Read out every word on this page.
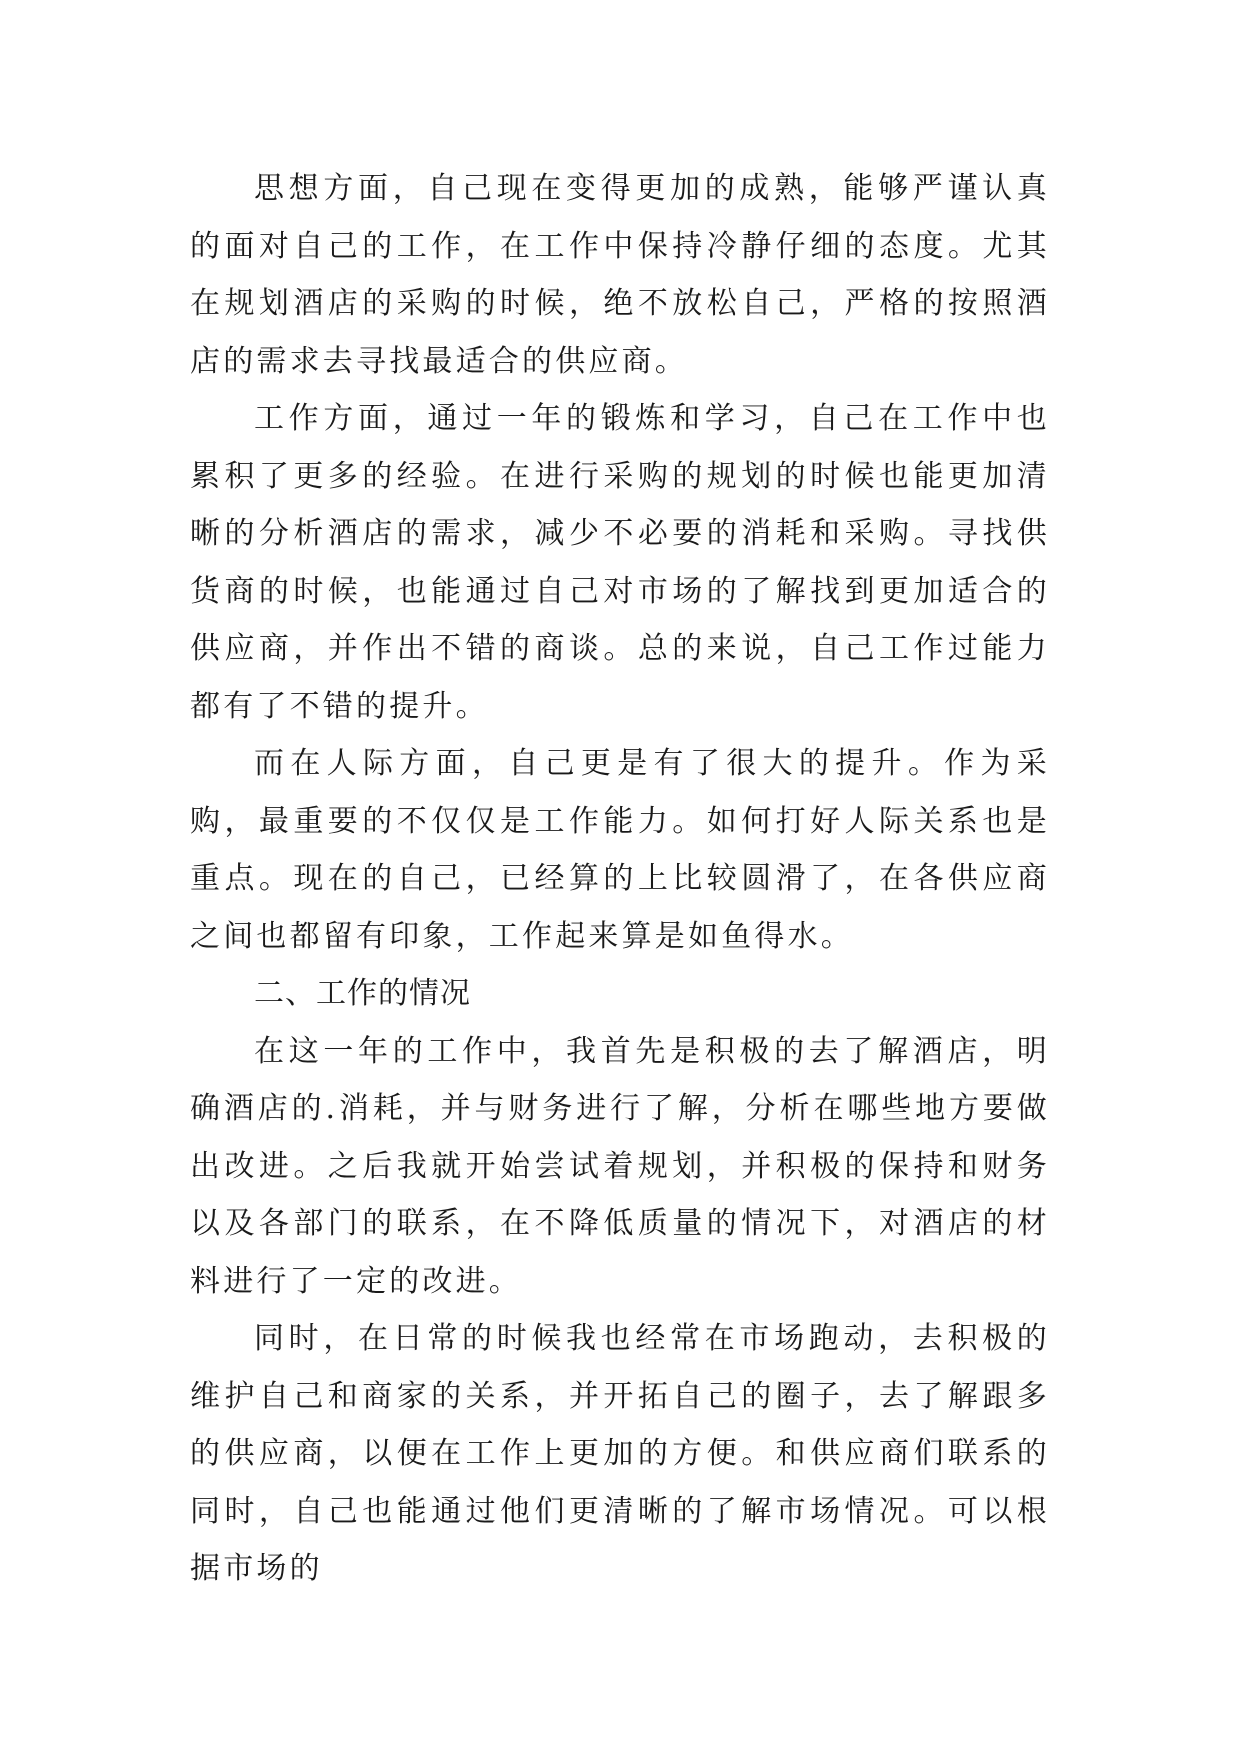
思想方面，自己现在变得更加的成熟，能够严谨认真的面对自己的工作，在工作中保持冷静仔细的态度。尤其在规划酒店的采购的时候，绝不放松自己，严格的按照酒店的需求去寻找最适合的供应商。

工作方面，通过一年的锻炼和学习，自己在工作中也累积了更多的经验。在进行采购的规划的时候也能更加清晰的分析酒店的需求，减少不必要的消耗和采购。寻找供货商的时候，也能通过自己对市场的了解找到更加适合的供应商，并作出不错的商谈。总的来说，自己工作过能力都有了不错的提升。

而在人际方面，自己更是有了很大的提升。作为采购，最重要的不仅仅是工作能力。如何打好人际关系也是重点。现在的自己，已经算的上比较圆滑了，在各供应商之间也都留有印象，工作起来算是如鱼得水。

二、工作的情况

在这一年的工作中，我首先是积极的去了解酒店，明确酒店的.消耗，并与财务进行了解，分析在哪些地方要做出改进。之后我就开始尝试着规划，并积极的保持和财务以及各部门的联系，在不降低质量的情况下，对酒店的材料进行了一定的改进。

同时，在日常的时候我也经常在市场跑动，去积极的维护自己和商家的关系，并开拓自己的圈子，去了解跟多的供应商，以便在工作上更加的方便。和供应商们联系的同时，自己也能通过他们更清晰的了解市场情况。可以根据市场的
